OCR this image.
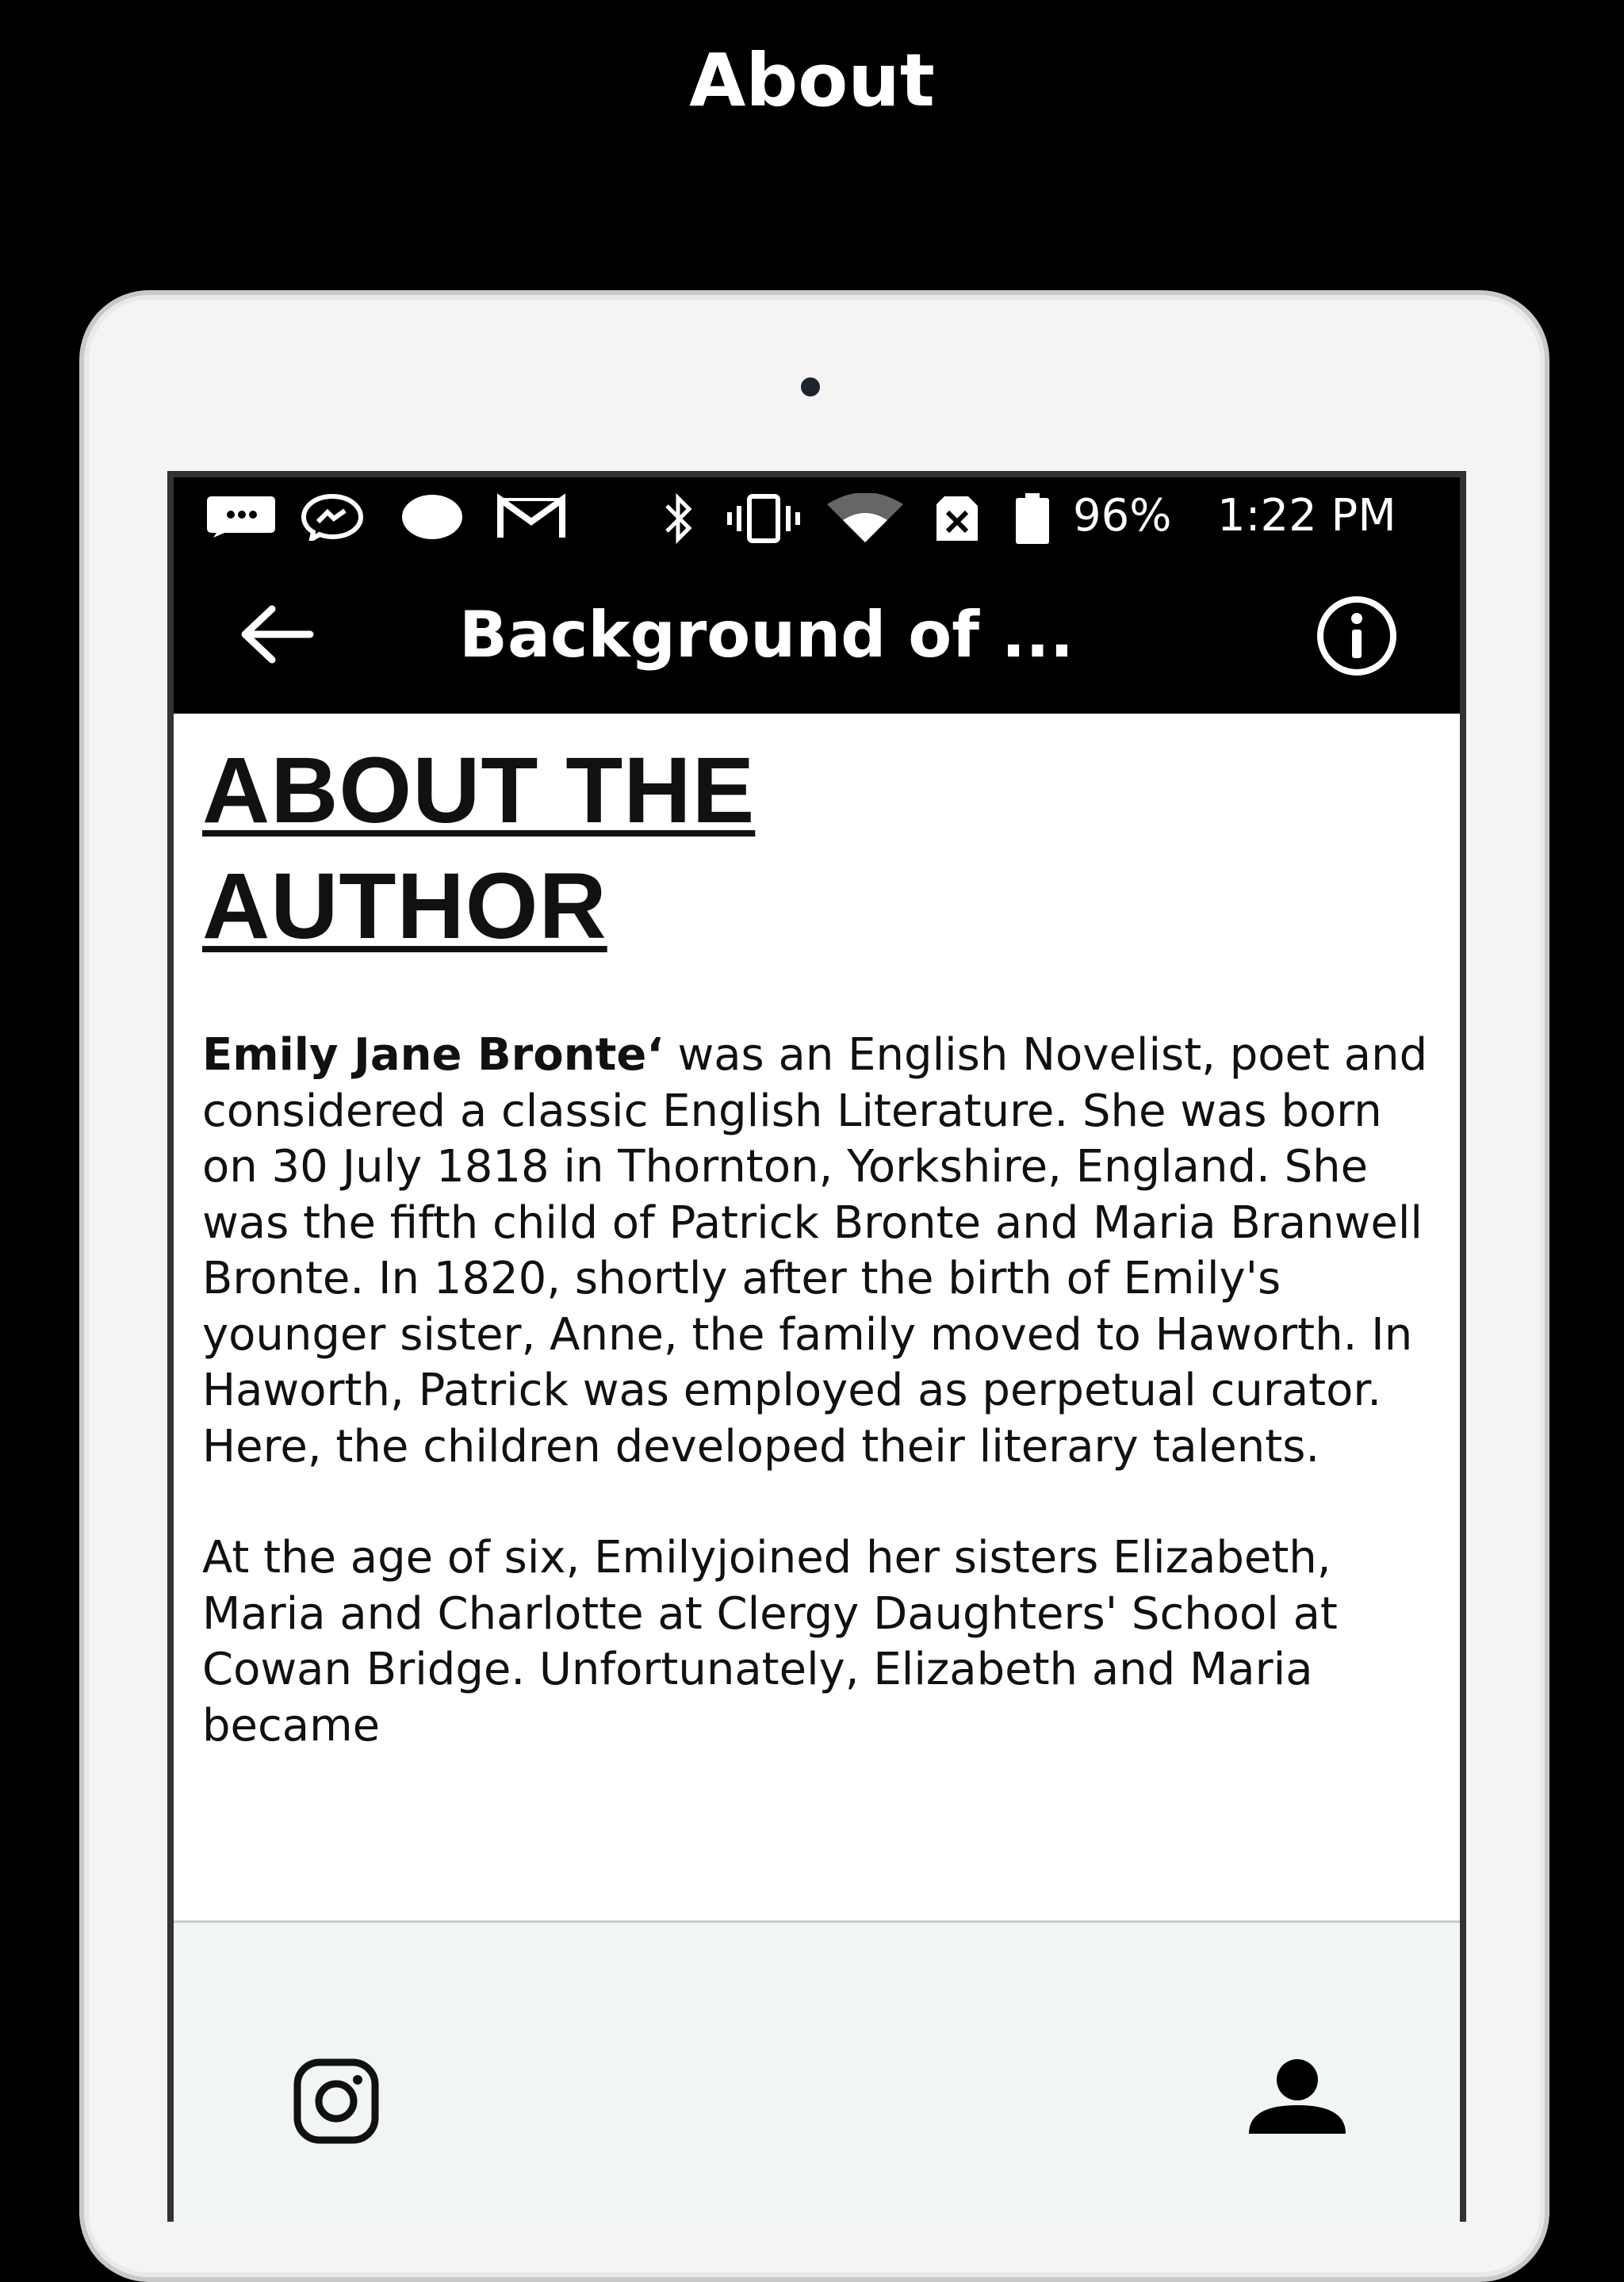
About
96% 1:22 PM
Background of ...
ABOUT THE
AUTHOR

Emily Jane Bronte‘ was an English Novelist, poet and considered a classic English Literature. She was born on 30 July 1818 in Thornton, Yorkshire, England. She was the fifth child of Patrick Bronte and Maria Branwell Bronte. In 1820, shortly after the birth of Emily's younger sister, Anne, the family moved to Haworth. In Haworth, Patrick was employed as perpetual curator. Here, the children developed their literary talents.

At the age of six, Emilyjoined her sisters Elizabeth, Maria and Charlotte at Clergy Daughters' School at Cowan Bridge. Unfortunately, Elizabeth and Maria became
